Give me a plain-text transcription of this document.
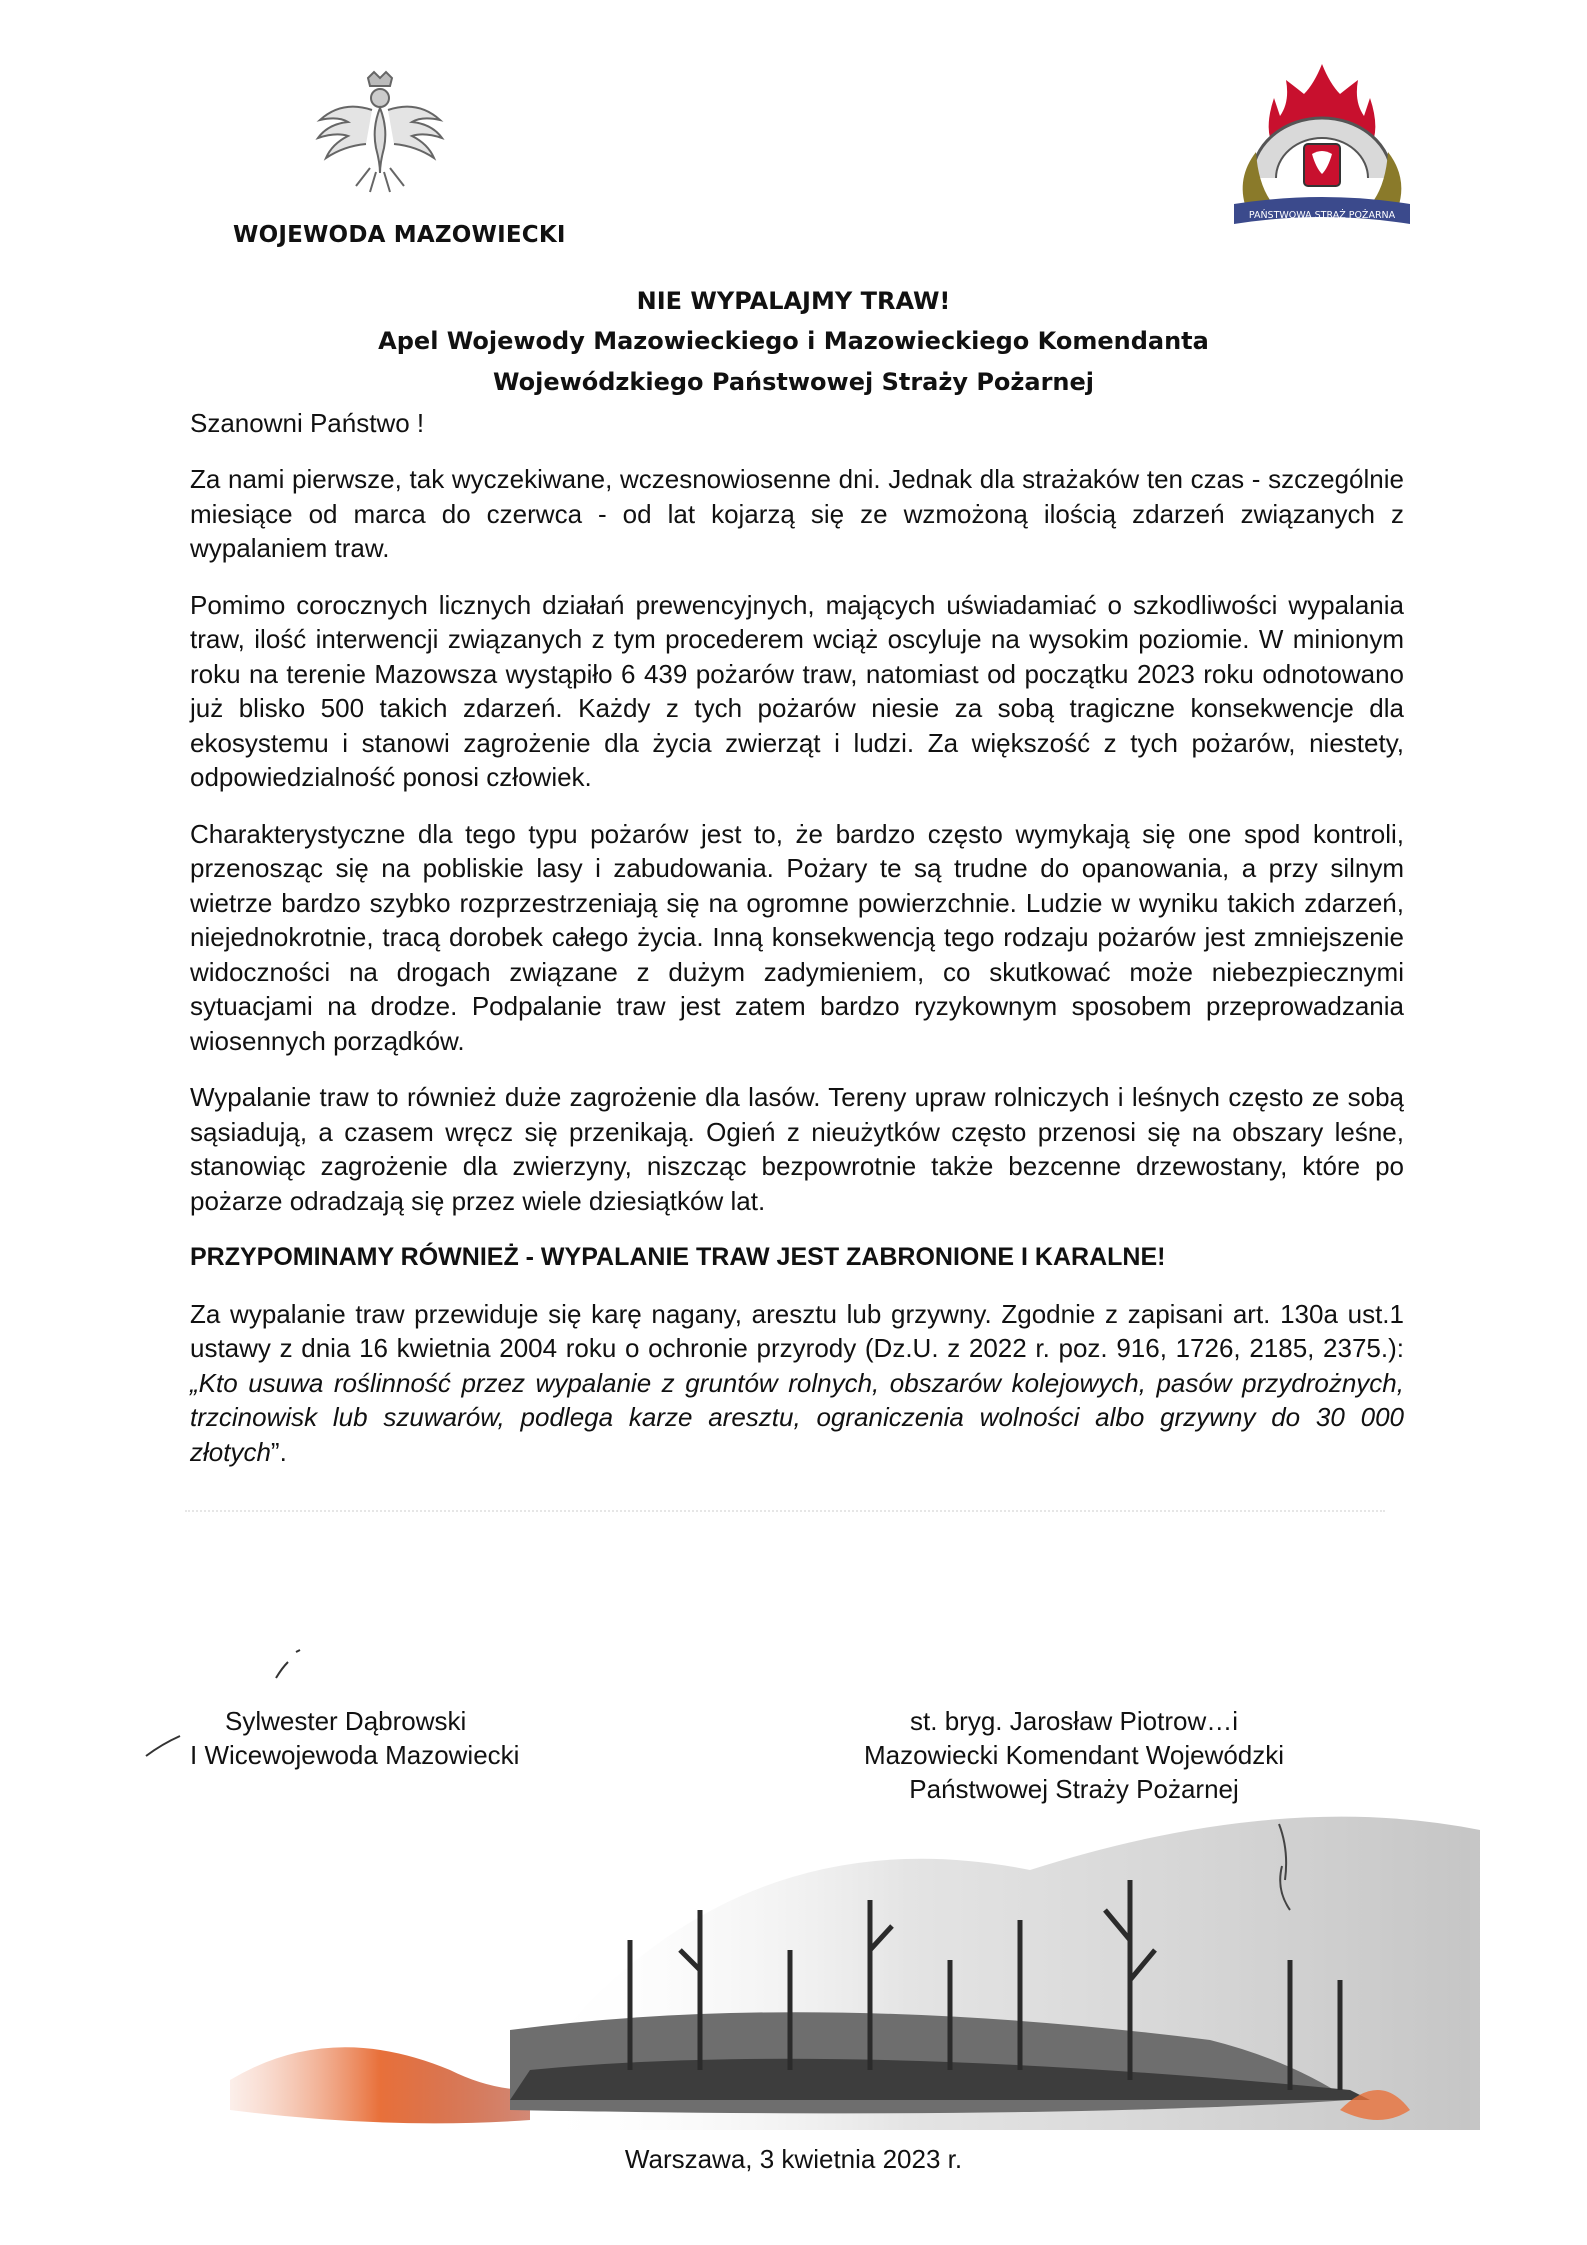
PAŃSTWOWA STRAŻ POŻARNA
WOJEWODA MAZOWIECKI
NIE WYPALAJMY TRAW!
Apel Wojewody Mazowieckiego i Mazowieckiego Komendanta
Wojewódzkiego Państwowej Straży Pożarnej
Szanowni Państwo !

Za nami pierwsze, tak wyczekiwane, wczesnowiosenne dni. Jednak dla strażaków ten czas - szczególnie miesiące od marca do czerwca - od lat kojarzą się ze wzmożoną ilością zdarzeń związanych z wypalaniem traw.

Pomimo corocznych licznych działań prewencyjnych, mających uświadamiać o szkodliwości wypalania traw, ilość interwencji związanych z tym procederem wciąż oscyluje na wysokim poziomie. W minionym roku na terenie Mazowsza wystąpiło 6 439 pożarów traw, natomiast od początku 2023 roku odnotowano już blisko 500 takich zdarzeń. Każdy z tych pożarów niesie za sobą tragiczne konsekwencje dla ekosystemu i stanowi zagrożenie dla życia zwierząt i ludzi. Za większość z tych pożarów, niestety, odpowiedzialność ponosi człowiek.

Charakterystyczne dla tego typu pożarów jest to, że bardzo często wymykają się one spod kontroli, przenosząc się na pobliskie lasy i zabudowania. Pożary te są trudne do opanowania, a przy silnym wietrze bardzo szybko rozprzestrzeniają się na ogromne powierzchnie. Ludzie w wyniku takich zdarzeń, niejednokrotnie, tracą dorobek całego życia. Inną konsekwencją tego rodzaju pożarów jest zmniejszenie widoczności na drogach związane z dużym zadymieniem, co skutkować może niebezpiecznymi sytuacjami na drodze. Podpalanie traw jest zatem bardzo ryzykownym sposobem przeprowadzania wiosennych porządków.

Wypalanie traw to również duże zagrożenie dla lasów. Tereny upraw rolniczych i leśnych często ze sobą sąsiadują, a czasem wręcz się przenikają. Ogień z nieużytków często przenosi się na obszary leśne, stanowiąc zagrożenie dla zwierzyny, niszcząc bezpowrotnie także bezcenne drzewostany, które po pożarze odradzają się przez wiele dziesiątków lat.

PRZYPOMINAMY RÓWNIEŻ - WYPALANIE TRAW JEST ZABRONIONE I KARALNE!

Za wypalanie traw przewiduje się karę nagany, aresztu lub grzywny. Zgodnie z zapisani art. 130a ust.1 ustawy z dnia 16 kwietnia 2004 roku o ochronie przyrody (Dz.U. z 2022 r. poz. 916, 1726, 2185, 2375.): „Kto usuwa roślinność przez wypalanie z gruntów rolnych, obszarów kolejowych, pasów przydrożnych, trzcinowisk lub szuwarów, podlega karze aresztu, ograniczenia wolności albo grzywny do 30 000 złotych”.

Sylwester Dąbrowski
I Wicewojewoda Mazowiecki
st. bryg. Jarosław Piotrow…i
Mazowiecki Komendant Wojewódzki
Państwowej Straży Pożarnej
Warszawa, 3 kwietnia 2023 r.
